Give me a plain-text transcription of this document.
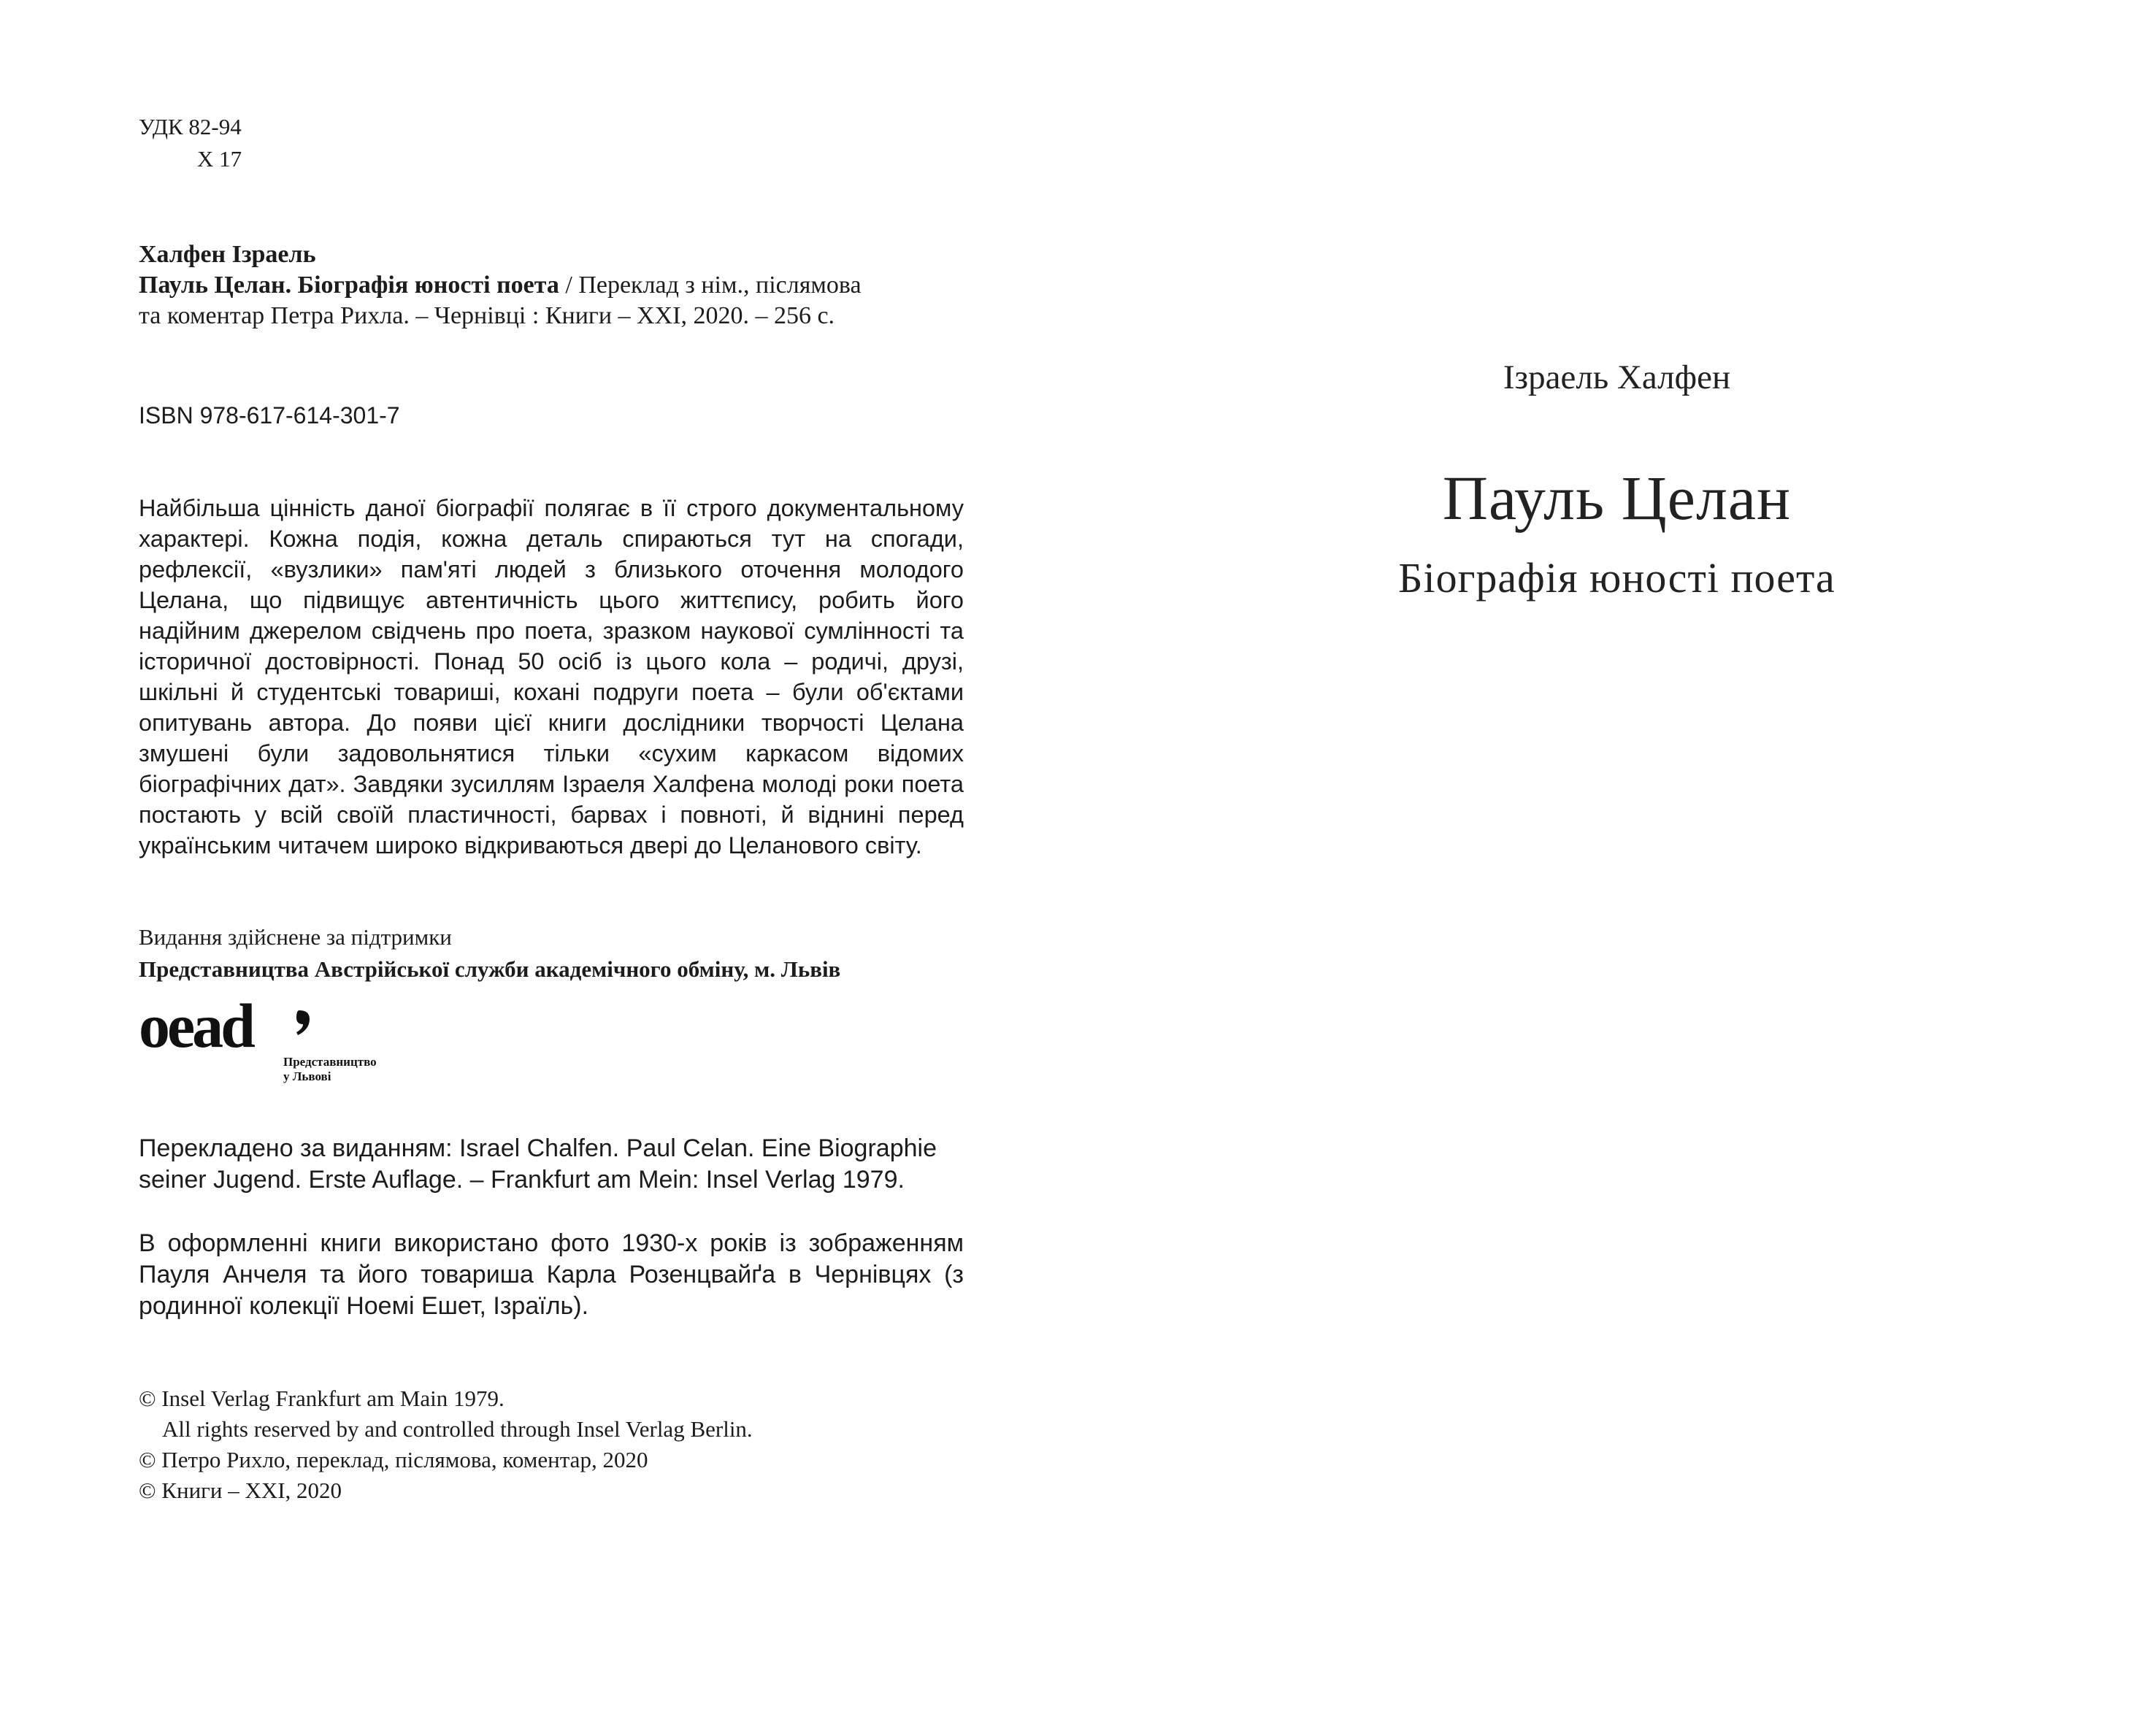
УДК 82-94
Х 17
Халфен Ізраель
Пауль Целан. Біографія юності поета / Переклад з нім., післямова
та коментар Петра Рихла. – Чернівці : Книги – ХХІ, 2020. – 256 с.
ISBN 978-617-614-301-7
Найбільша цінність даної біографії полягає в її строго документальному характері. Кожна подія, кожна деталь спираються тут на спогади, рефлексії, «вузлики» пам'яті людей з близького оточення молодого Целана, що підвищує автентичність цього життєпису, робить його надійним джерелом свідчень про поета, зразком наукової сумлінності та історичної достовірності. Понад 50 осіб із цього кола – родичі, друзі, шкільні й студентські товариші, кохані подруги поета – були об'єктами опитувань автора. До появи цієї книги дослідники творчості Целана змушені були задовольнятися тільки «сухим каркасом відомих біографічних дат». Завдяки зусиллям Ізраеля Халфена молоді роки поета постають у всій своїй пластичності, барвах і повноті, й віднині перед українським читачем широко відкриваються двері до Целанового світу.
Видання здійснене за підтримки
Представництва Австрійської служби академічного обміну, м. Львів
oead
Представництво
у Львові
Перекладено за виданням: Israel Chalfen. Paul Celan. Eine Biographie
seiner Jugend. Erste Auflage. – Frankfurt am Mein: Insel Verlag 1979.
В оформленні книги використано фото 1930-х років із зображенням Пауля Анчеля та його товариша Карла Розенцвайґа в Чернівцях (з родинної колекції Ноемі Ешет, Ізраїль).
© Insel Verlag Frankfurt am Main 1979.
All rights reserved by and controlled through Insel Verlag Berlin.
© Петро Рихло, переклад, післямова, коментар, 2020
© Книги – ХХІ, 2020
Ізраель Халфен
Пауль Целан
Біографія юності поета
